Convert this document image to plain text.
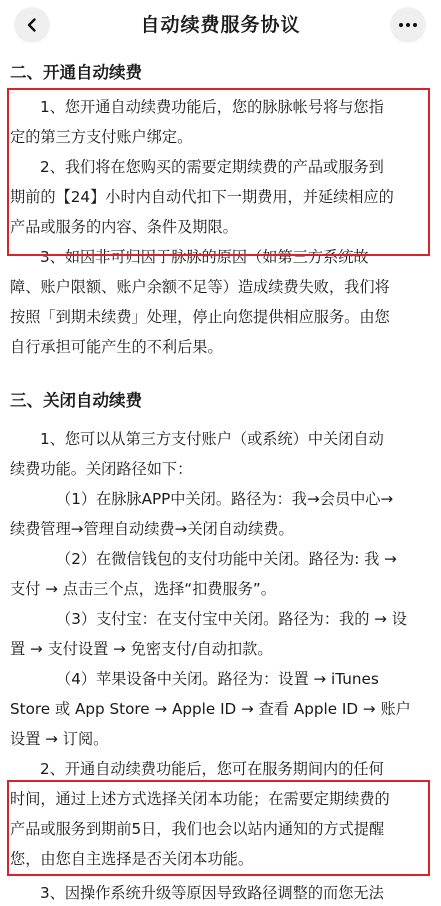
自动续费服务协议
二、开通自动续费
1、您开通自动续费功能后，您的脉脉帐号将与您指
定的第三方支付账户绑定。
2、我们将在您购买的需要定期续费的产品或服务到
期前的【24】小时内自动代扣下一期费用，并延续相应的
产品或服务的内容、条件及期限。
3、如因非可归因于脉脉的原因（如第三方系统故
障、账户限额、账户余额不足等）造成续费失败，我们将
按照「到期未续费」处理，停止向您提供相应服务。由您
自行承担可能产生的不利后果。
三、关闭自动续费
1、您可以从第三方支付账户（或系统）中关闭自动
续费功能。关闭路径如下：
（1）在脉脉APP中关闭。路径为：我→会员中心→
续费管理→管理自动续费→关闭自动续费。
（2）在微信钱包的支付功能中关闭。路径为: 我 →
支付 → 点击三个点，选择“扣费服务”。
（3）支付宝：在支付宝中关闭。路径为：我的 → 设
置 → 支付设置 → 免密支付/自动扣款。
（4）苹果设备中关闭。路径为：设置 → iTunes
Store 或 App Store → Apple ID → 查看 Apple ID → 账户
设置 → 订阅。
2、开通自动续费功能后，您可在服务期间内的任何
时间，通过上述方式选择关闭本功能；在需要定期续费的
产品或服务到期前5日，我们也会以站内通知的方式提醒
您，由您自主选择是否关闭本功能。
3、因操作系统升级等原因导致路径调整的而您无法
